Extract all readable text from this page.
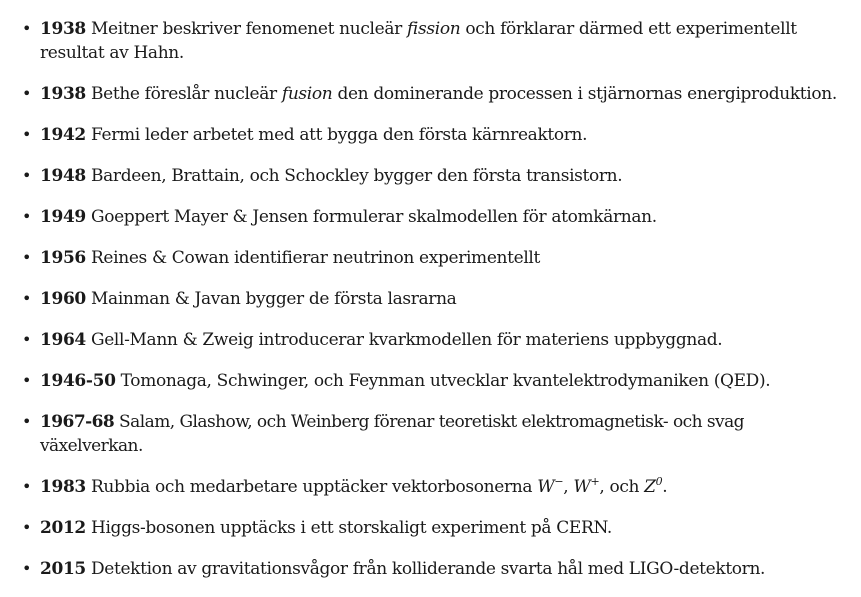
• 1938 Meitner beskriver fenomenet nucleär fission och förklarar därmed ett experimentellt resultat av Hahn.
• 1938 Bethe föreslår nucleär fusion den dominerande processen i stjärnornas energiproduktion.
• 1942 Fermi leder arbetet med att bygga den första kärnreaktorn.
• 1948 Bardeen, Brattain, och Schockley bygger den första transistorn.
• 1949 Goeppert Mayer & Jensen formulerar skalmodellen för atomkärnan.
• 1956 Reines & Cowan identifierar neutrinon experimentellt
• 1960 Mainman & Javan bygger de första lasrarna
• 1964 Gell-Mann & Zweig introducerar kvarkmodellen för materiens uppbyggnad.
• 1946-50 Tomonaga, Schwinger, och Feynman utvecklar kvantelektrodymaniken (QED).
• 1967-68 Salam, Glashow, och Weinberg förenar teoretiskt elektromagnetisk- och svag växelverkan.
• 1983 Rubbia och medarbetare upptäcker vektorbosonerna W−, W+, och $Z^0$.
• 2012 Higgs-bosonen upptäcks i ett storskaligt experiment på CERN.
• 2015 Detektion av gravitationsvågor från kolliderande svarta hål med LIGO-detektorn.
